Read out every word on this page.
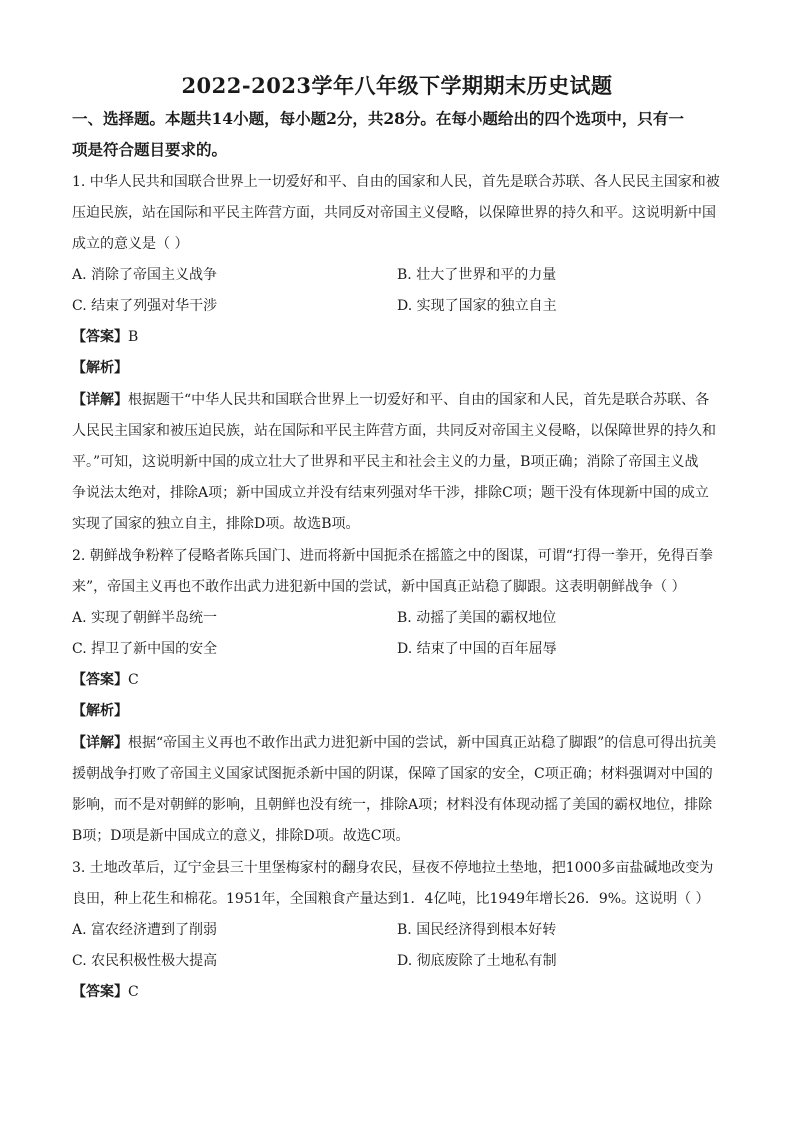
2022-2023学年八年级下学期期末历史试题
一、选择题。本题共14小题，每小题2分，共28分。在每小题给出的四个选项中，只有一
项是符合题目要求的。
1. 中华人民共和国联合世界上一切爱好和平、自由的国家和人民，首先是联合苏联、各人民民主国家和被
压迫民族，站在国际和平民主阵营方面，共同反对帝国主义侵略，以保障世界的持久和平。这说明新中国
成立的意义是（ ）
A. 消除了帝国主义战争	B. 壮大了世界和平的力量
C. 结束了列强对华干涉	D. 实现了国家的独立自主
【答案】B
【解析】
【详解】根据题干“中华人民共和国联合世界上一切爱好和平、自由的国家和人民，首先是联合苏联、各
人民民主国家和被压迫民族，站在国际和平民主阵营方面，共同反对帝国主义侵略，以保障世界的持久和
平。”可知，这说明新中国的成立壮大了世界和平民主和社会主义的力量，B项正确；消除了帝国主义战
争说法太绝对，排除A项；新中国成立并没有结束列强对华干涉，排除C项；题干没有体现新中国的成立
实现了国家的独立自主，排除D项。故选B项。
2. 朝鲜战争粉粹了侵略者陈兵国门、进而将新中国扼杀在摇篮之中的图谋，可谓“打得一拳开，免得百拳
来”，帝国主义再也不敢作出武力进犯新中国的尝试，新中国真正站稳了脚跟。这表明朝鲜战争（ ）
A. 实现了朝鲜半岛统一	B. 动摇了美国的霸权地位
C. 捍卫了新中国的安全	D. 结束了中国的百年屈辱
【答案】C
【解析】
【详解】根据“帝国主义再也不敢作出武力进犯新中国的尝试，新中国真正站稳了脚跟”的信息可得出抗美
援朝战争打败了帝国主义国家试图扼杀新中国的阴谋，保障了国家的安全，C项正确；材料强调对中国的
影响，而不是对朝鲜的影响，且朝鲜也没有统一，排除A项；材料没有体现动摇了美国的霸权地位，排除
B项；D项是新中国成立的意义，排除D项。故选C项。
3. 土地改革后，辽宁金县三十里堡梅家村的翻身农民，昼夜不停地拉土垫地，把1000多亩盐碱地改变为
良田，种上花生和棉花。1951年，全国粮食产量达到1．4亿吨，比1949年增长26．9%。这说明（ ）
A. 富农经济遭到了削弱	B. 国民经济得到根本好转
C. 农民积极性极大提高	D. 彻底废除了土地私有制
【答案】C
